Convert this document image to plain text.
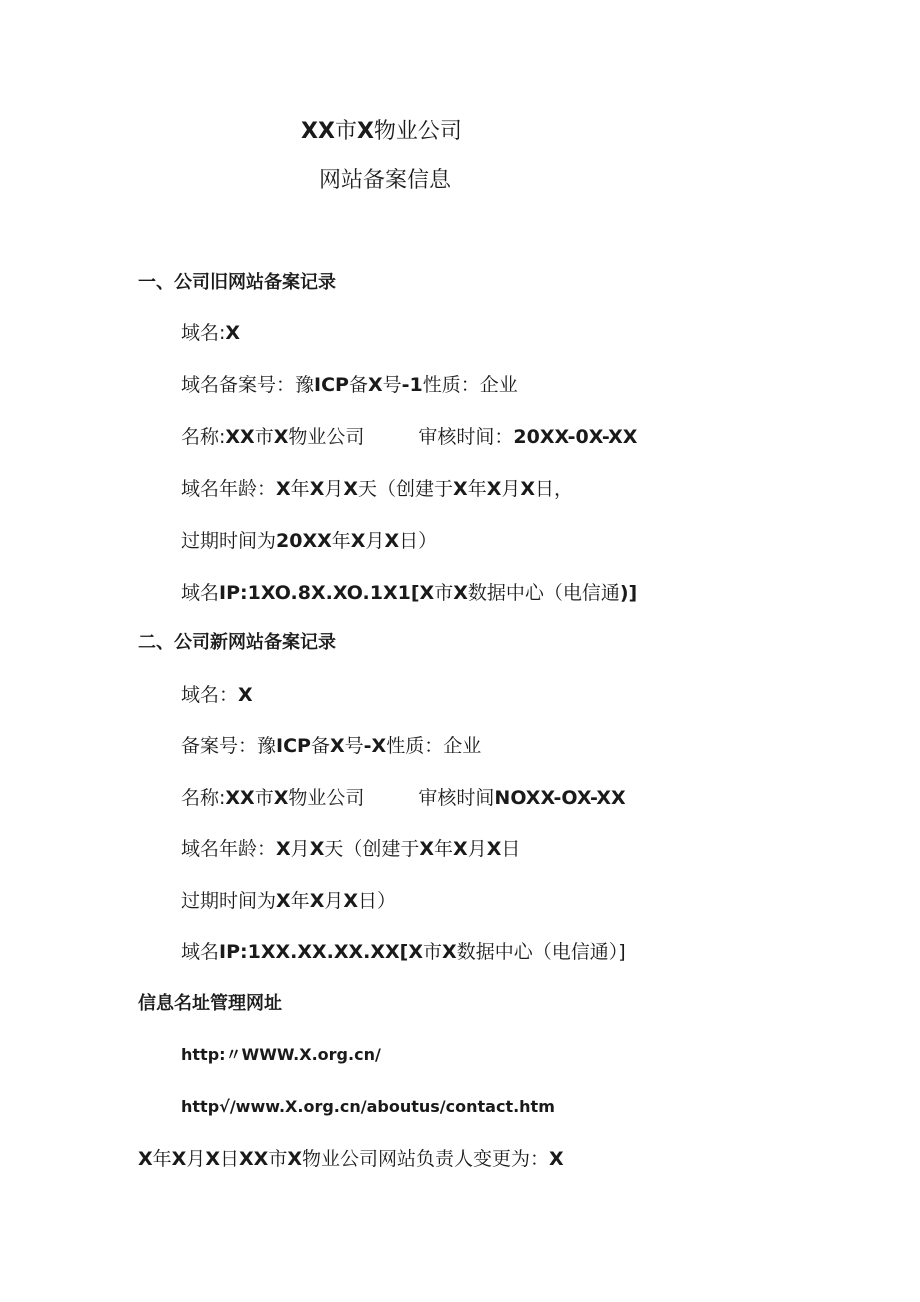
XX市X物业公司
网站备案信息
一、公司旧网站备案记录
域名:X
域名备案号：豫ICP备X号-1性质：企业
名称:XX市X物业公司	审核时间：20XX-0X-XX
域名年龄：X年X月X天（创建于X年X月X日，
过期时间为20XX年X月X日）
域名IP:1XO.8X.XO.1X1[X市X数据中心（电信通)]
二、公司新网站备案记录
域名：X
备案号：豫ICP备X号-X性质：企业
名称:XX市X物业公司	审核时间NOXX-OX-XX
域名年龄：X月X天（创建于X年X月X日
过期时间为X年X月X日）
域名IP:1XX.XX.XX.XX[X市X数据中心（电信通）]
信息名址管理网址
http:〃WWW.X.org.cn/
http√/www.X.org.cn/aboutus/contact.htm
X年X月X日XX市X物业公司网站负责人变更为：X
